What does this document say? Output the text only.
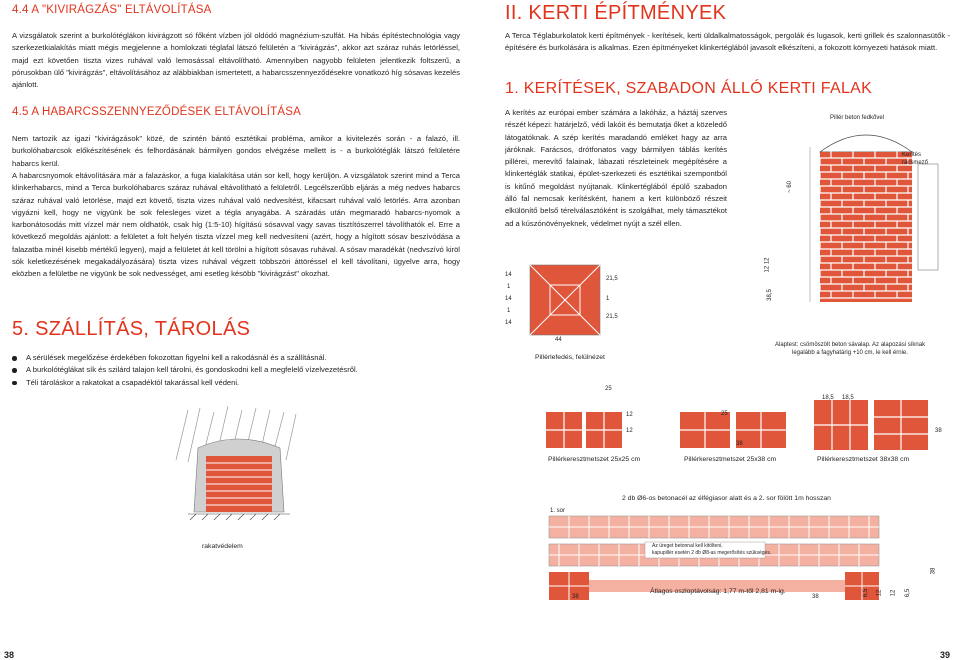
4.4 A "KIVIRÁGZÁS" ELTÁVOLÍTÁSA
A vizsgálatok szerint a burkolótéglákon kivirágzott só főként vízben jól oldódó magnézium-szulfát. Ha hibás építéstechnológia vagy szerkezetkialakítás miatt mégis megjelenne a homlokzati téglafal látszó felületén a "kivirágzás", akkor azt száraz ruhás letörléssel, majd ezt követően tiszta vizes ruhával való lemosással eltávolítható. Amennyiben nagyobb felületen jelentkezik foltszerű, a pórusokban ülő "kivirágzás", eltávolításához az alábbiakban ismertetett, a habarcsszennyeződésekre vonatkozó híg sósavas kezelés ajánlott.
4.5 A HABARCSSZENNYEZŐDÉSEK ELTÁVOLÍTÁSA
Nem tartozik az igazi "kivirágzások" közé, de szintén bántó esztétikai probléma, amikor a kivitelezés során - a falazó, ill. burkolóhabarcsok előkészítésének és felhordásának bármilyen gondos elvégzése mellett is - a burkolótéglák látszó felületére habarcs kerül.
A habarcsnyomok eltávolítására már a falazáskor, a fuga kialakítása után sor kell, hogy kerüljön. A vizsgálatok szerint mind a Terca klinkerhabarcs, mind a Terca burkolóhabarcs száraz ruhával eltávolítható a felületről. Legcélszerűbb eljárás a még nedves habarcs száraz ruhával való letörlése, majd ezt követő, tiszta vizes ruhával való nedvesítést, kifacsart ruhával való letörlés. Arra azonban vigyázni kell, hogy ne vigyünk be sok felesleges vizet a tégla anyagába. A száradás után megmaradó habarcs-nyomok a karbonátosodás mitt vízzel már nem oldhatók, csak híg (1:5-10) hígítású sósavval vagy savas tisztítószerrel távolíthatók el. Erre a következő megoldás ajánlott: a felületet a folt helyén tiszta vízzel meg kell nedvesíteni (azért, hogy a hígított sósav beszívódása a falazatba minél kisebb mértékű legyen), majd a felületet át kell törölni a hígított sósavas ruhával. A sósav maradékát (nedvszívó kiröl sók keletkezésének megakadályozására) tiszta vizes ruhával végzett többszöri áttöréssel el kell távolítani, ügyelve arra, hogy eközben a felületbe ne vigyünk be sok nedvességet, ami esetleg késöbb "kivirágzást" okozhat.
5. SZÁLLÍTÁS, TÁROLÁS
A sérülések megelőzése érdekében fokozottan figyelni kell a rakodásnál és a szállításnál.
A burkolótéglákat sík és szilárd talajon kell tárolni, és gondoskodni kell a megfelelő vízelvezetésről.
Téli tároláskor a rakatokat a csapadéktól takarással kell védeni.
rakatvédelem
38
II. KERTI ÉPÍTMÉNYEK
A Terca Téglaburkolatok kerti építmények - kerítések, kerti üldalkalmatosságok, pergolák és lugasok, kerti grillek és szalonnasütők - építésére és burkolására is alkalmas. Ezen építményeket klinkertéglából javasolt elkészíteni, a fokozott környezeti hatások miatt.
1. KERÍTÉSEK, SZABADON ÁLLÓ KERTI FALAK
A kerítés az európai ember számára a lakóház, a háztáj szerves részét képezi: határjelző, védi lakóit és bemutatja őket a közeledő látogatóknak. A szép kerítés maradandó emléket hagy az arra járóknak. Farácsos, drótfonatos vagy bármilyen táblás kerítés pillérei, merevítő falainak, lábazati részleteinek megépítésére a klinkertéglák statikai, épület-szerkezeti és esztétikai szempontból is kitűnő megoldást nyújtanak. Klinkertéglából épülő szabadon álló fal nemcsak kerítésként, hanem a kert különböző részeit elkülönítő belső térelválasztóként is szolgálhat, mely támasztékot ad a kúszónövényeknek, védelmet nyújt a szél ellen.
Pillér beton fedkővel
Kerítés
rácsmező
~ 60
12 12
38,5
Alaptest: csömöszölt beton sávalap. Az alapozási síknak
legalább a fagyhatárig +10 cm, le kell érnie.
14
1
14
1
14
21,5
1
21,5
44
Pillérlefedés, felülnézet
25
12
12
25
38
18,5 18,5
38
Pillérkeresztmetszet 25x25 cm	Pillérkeresztmetszet 25x38 cm	Pillérkeresztmetszet 38x38 cm
2 db Ø6-os betonacél az élfégiasor alatt és a 2. sor fölött 1m hosszan
1. sor
Az üreget betonnal kell kitölteni,
kapupillér esetén 2 db Ø8-as megerősítés szükséges.
Átlagos oszloptávolság: 1,77 m-től 2,81 m-ig.
38	38	6,5 12 12 6,5
38
39
